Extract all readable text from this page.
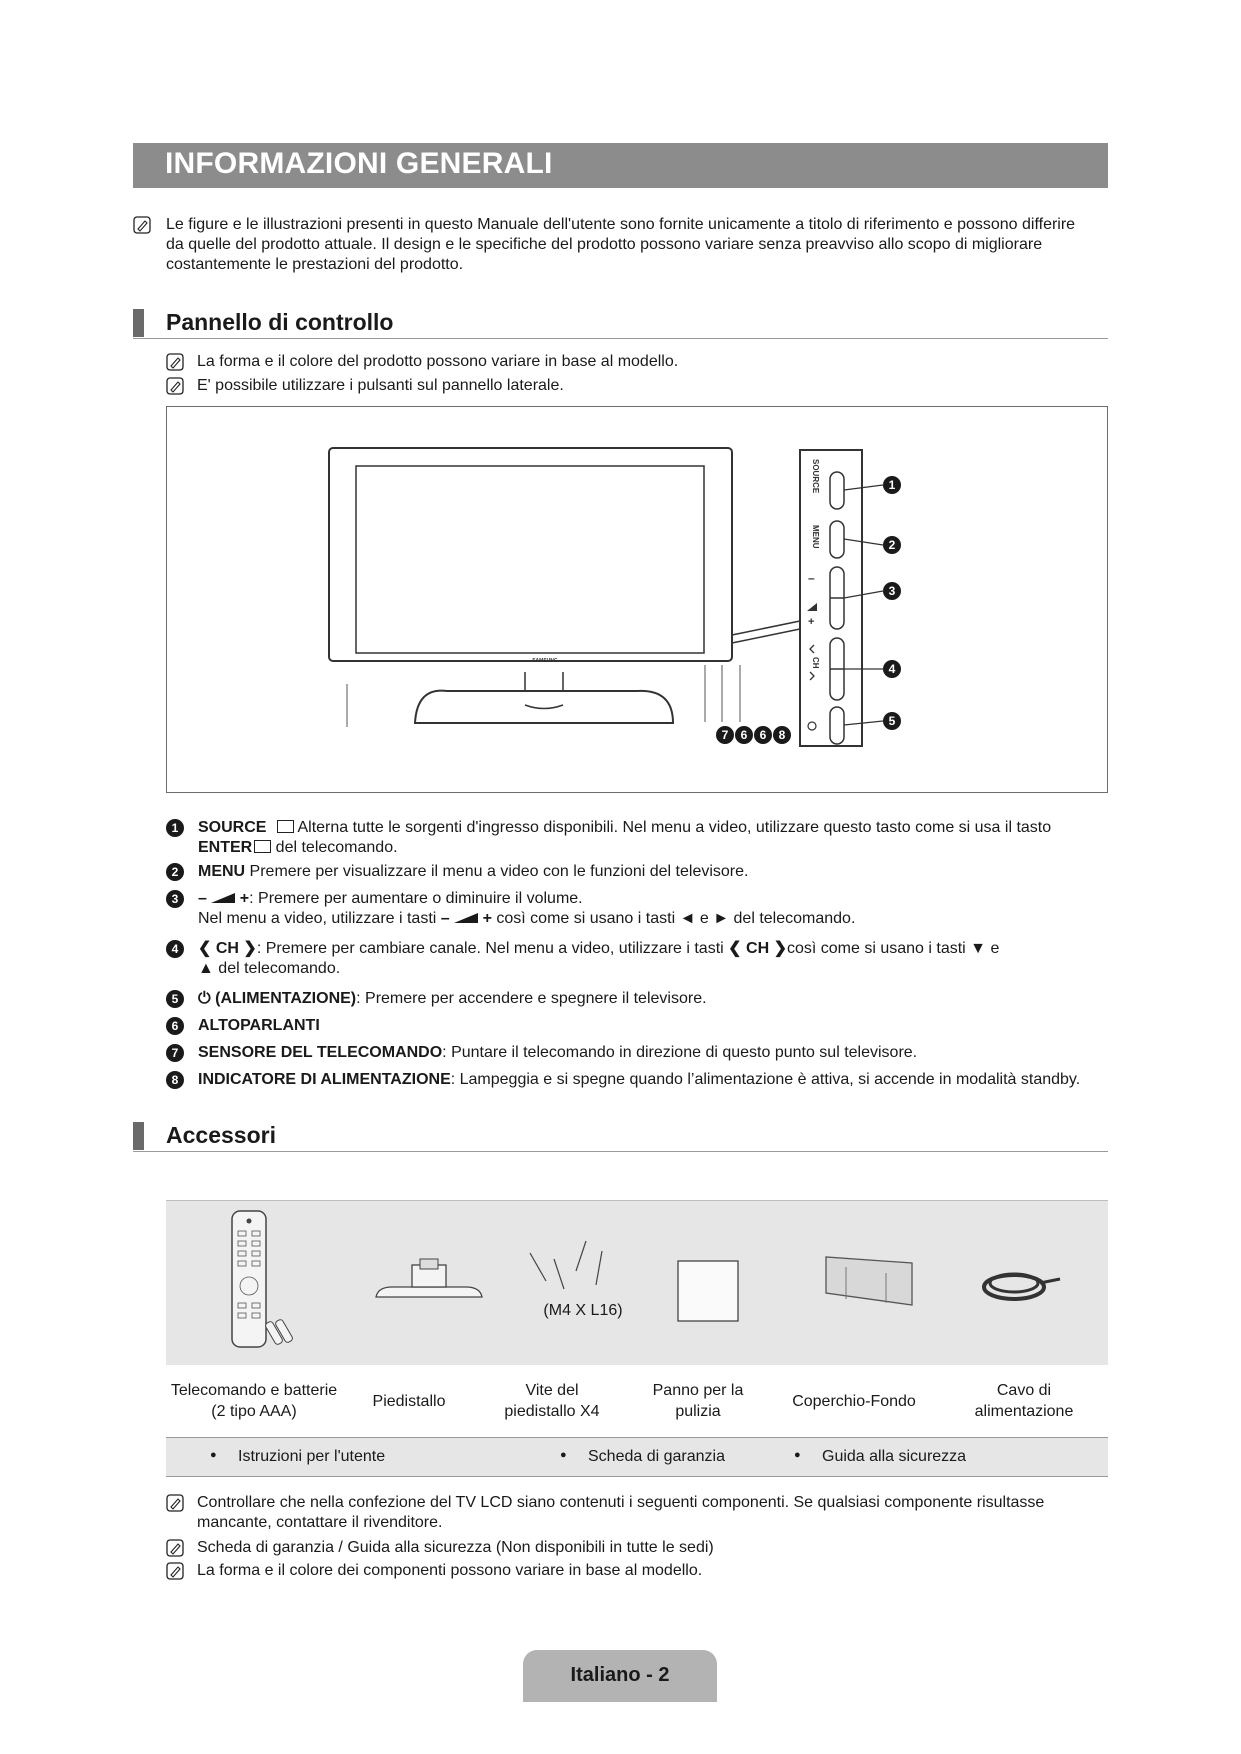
INFORMAZIONI GENERALI
Le figure e le illustrazioni presenti in questo Manuale dell'utente sono fornite unicamente a titolo di riferimento e possono differire
da quelle del prodotto attuale. Il design e le specifiche del prodotto possono variare senza preavviso allo scopo di migliorare
costantemente le prestazioni del prodotto.
Pannello di controllo
La forma e il colore del prodotto possono variare in base al modello.
E' possibile utilizzare i pulsanti sul pannello laterale.
SAMSUNG
SOURCE
MENU
–
+
CH
1
2
3
4
5
7 6 6 8
1	SOURCE  Alterna tutte le sorgenti d'ingresso disponibili. Nel menu a video, utilizzare questo tasto come si usa il tasto
ENTER del telecomando.
2	MENU Premere per visualizzare il menu a video con le funzioni del televisore.
3	–  +: Premere per aumentare o diminuire il volume.
Nel menu a video, utilizzare i tasti –  + così come si usano i tasti ◄ e ► del telecomando.
4	❮ CH ❯: Premere per cambiare canale. Nel menu a video, utilizzare i tasti ❮ CH ❯così come si usano i tasti ▼ e
▲ del telecomando.
5	⏻ (ALIMENTAZIONE): Premere per accendere e spegnere il televisore.
6	ALTOPARLANTI
7	SENSORE DEL TELECOMANDO: Puntare il telecomando in direzione di questo punto sul televisore.
8	INDICATORE DI ALIMENTAZIONE: Lampeggia e si spegne quando l’alimentazione è attiva, si accende in modalità standby.
Accessori
(M4 X L16)
Telecomando e batterie
(2 tipo AAA)
Piedistallo
Vite del
piedistallo X4
Panno per la
pulizia
Coperchio-Fondo
Cavo di
alimentazione
● Istruzioni per l'utente	● Scheda di garanzia	● Guida alla sicurezza
Controllare che nella confezione del TV LCD siano contenuti i seguenti componenti. Se qualsiasi componente risultasse
mancante, contattare il rivenditore.
Scheda di garanzia / Guida alla sicurezza (Non disponibili in tutte le sedi)
La forma e il colore dei componenti possono variare in base al modello.
Italiano - 2
